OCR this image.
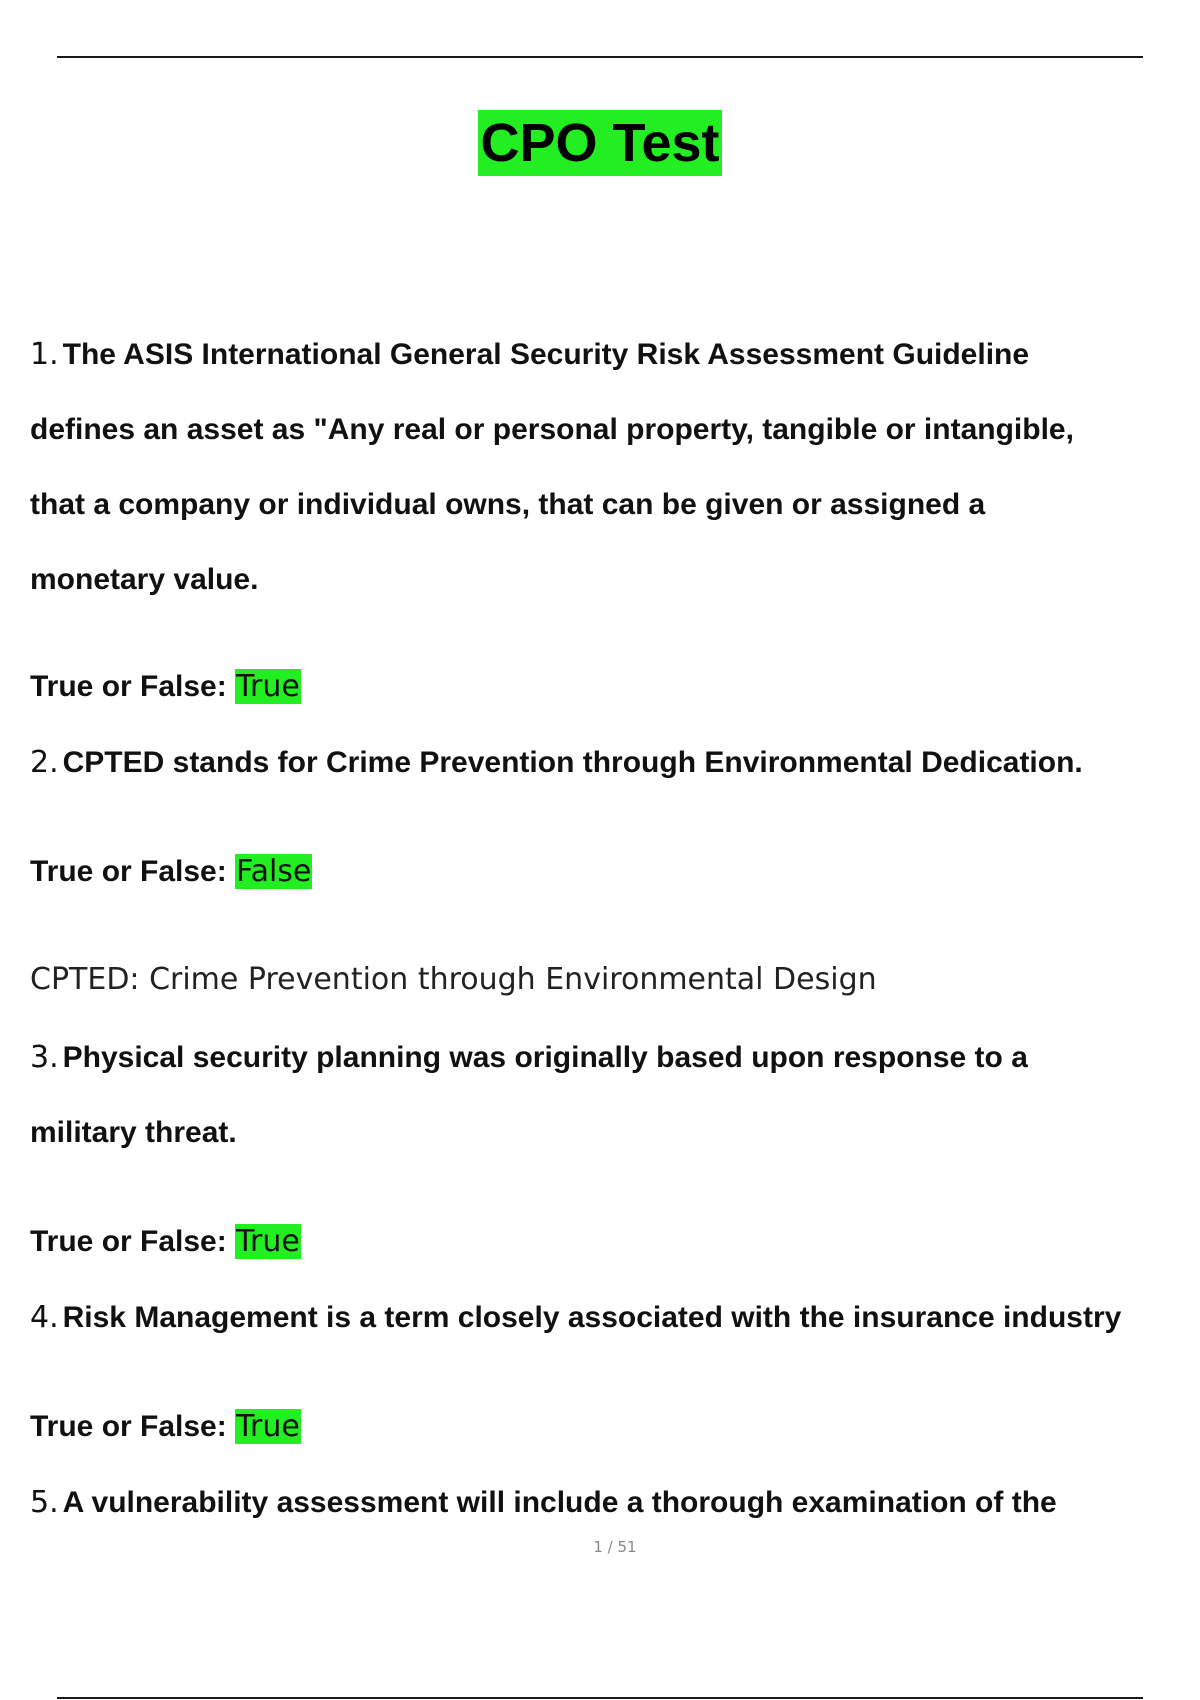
CPO Test
1. The ASIS International General Security Risk Assessment Guideline
defines an asset as "Any real or personal property, tangible or intangible,
that a company or individual owns, that can be given or assigned a
monetary value.
True or False: True
2. CPTED stands for Crime Prevention through Environmental Dedication.
True or False: False
CPTED: Crime Prevention through Environmental Design
3. Physical security planning was originally based upon response to a
military threat.
True or False: True
4. Risk Management is a term closely associated with the insurance industry
True or False: True
5. A vulnerability assessment will include a thorough examination of the
1 / 51
